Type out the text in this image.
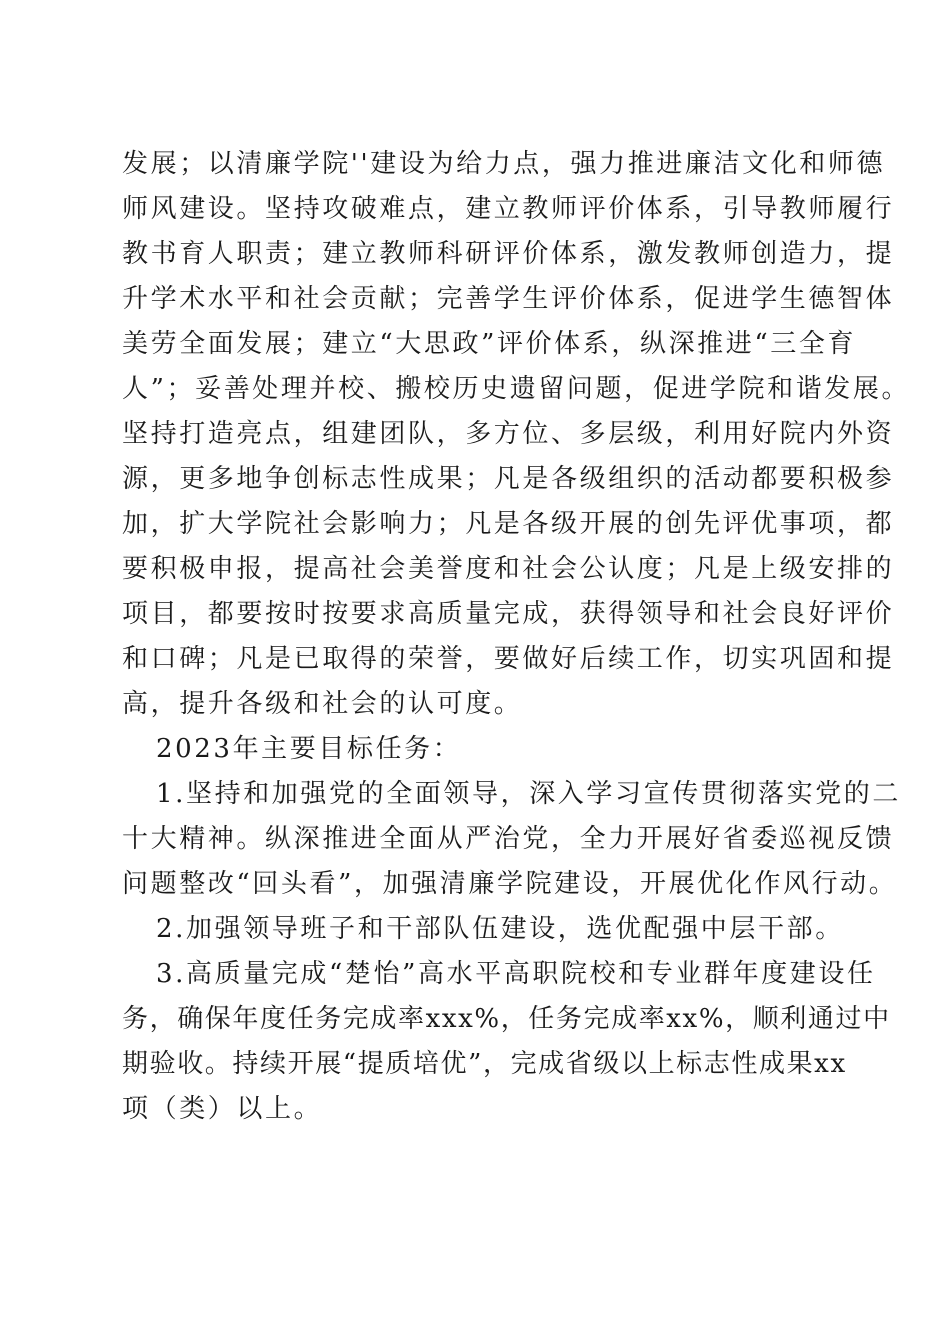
发展；以清廉学院''建设为给力点，强力推进廉洁文化和师德
师风建设。坚持攻破难点，建立教师评价体系，引导教师履行
教书育人职责；建立教师科研评价体系，激发教师创造力，提
升学术水平和社会贡献；完善学生评价体系，促进学生德智体
美劳全面发展；建立“大思政”评价体系，纵深推进“三全育
人”；妥善处理并校、搬校历史遗留问题，促进学院和谐发展。
坚持打造亮点，组建团队，多方位、多层级，利用好院内外资
源，更多地争创标志性成果；凡是各级组织的活动都要积极参
加，扩大学院社会影响力；凡是各级开展的创先评优事项，都
要积极申报，提高社会美誉度和社会公认度；凡是上级安排的
项目，都要按时按要求高质量完成，获得领导和社会良好评价
和口碑；凡是已取得的荣誉，要做好后续工作，切实巩固和提
高，提升各级和社会的认可度。
2023年主要目标任务：
1.坚持和加强党的全面领导，深入学习宣传贯彻落实党的二
十大精神。纵深推进全面从严治党，全力开展好省委巡视反馈
问题整改“回头看”，加强清廉学院建设，开展优化作风行动。
2.加强领导班子和干部队伍建设，选优配强中层干部。
3.高质量完成“楚怡”高水平高职院校和专业群年度建设任
务，确保年度任务完成率xxx%，任务完成率xx%，顺利通过中
期验收。持续开展“提质培优”，完成省级以上标志性成果xx
项（类）以上。
